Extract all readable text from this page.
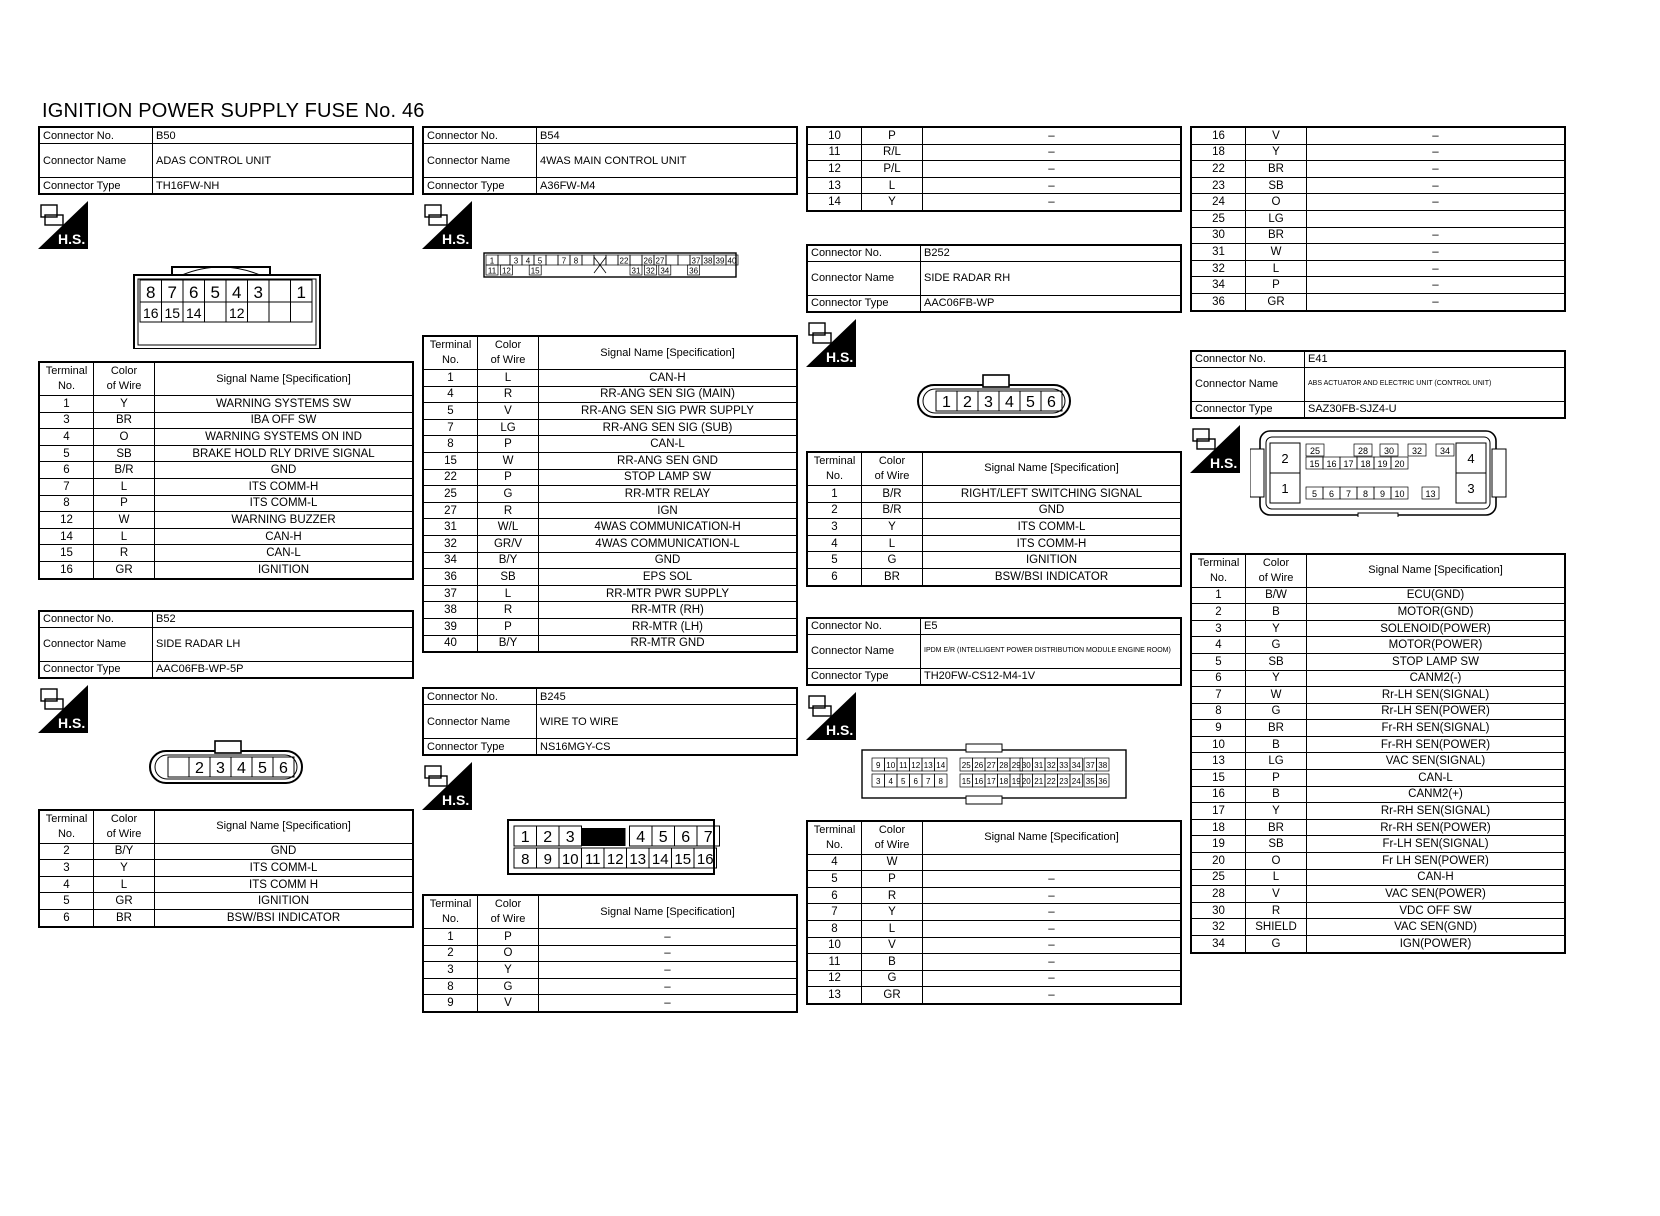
IGNITION POWER SUPPLY FUSE No. 46
Connector No.	B50
Connector Name	ADAS CONTROL UNIT
Connector Type	TH16FW-NH
H.S.
8 7 6 5 4 3 1
16 15 14 12
Terminal
No.	Color
of Wire	Signal Name [Specification]
1	Y	WARNING SYSTEMS SW
3	BR	IBA OFF SW
4	O	WARNING SYSTEMS ON IND
5	SB	BRAKE HOLD RLY DRIVE SIGNAL
6	B/R	GND
7	L	ITS COMM-H
8	P	ITS COMM-L
12	W	WARNING BUZZER
14	L	CAN-H
15	R	CAN-L
16	GR	IGNITION
Connector No.	B52
Connector Name	SIDE RADAR LH
Connector Type	AAC06FB-WP-5P
H.S.
2 3 4 5 6
Terminal
No.	Color
of Wire	Signal Name [Specification]
2	B/Y	GND
3	Y	ITS COMM-L
4	L	ITS COMM H
5	GR	IGNITION
6	BR	BSW/BSI INDICATOR
Connector No.	B54
Connector Name	4WAS MAIN CONTROL UNIT
Connector Type	A36FW-M4
H.S.
1 3 4 5 7 8	22 26 27	37 38 39 40
11 12 15	31 32 34 36
Terminal
No.	Color
of Wire	Signal Name [Specification]
1	L	CAN-H
4	R	RR-ANG SEN SIG (MAIN)
5	V	RR-ANG SEN SIG PWR SUPPLY
7	LG	RR-ANG SEN SIG (SUB)
8	P	CAN-L
15	W	RR-ANG SEN GND
22	P	STOP LAMP SW
25	G	RR-MTR RELAY
27	R	IGN
31	W/L	4WAS COMMUNICATION-H
32	GR/V	4WAS COMMUNICATION-L
34	B/Y	GND
36	SB	EPS SOL
37	L	RR-MTR PWR SUPPLY
38	R	RR-MTR (RH)
39	P	RR-MTR (LH)
40	B/Y	RR-MTR GND
Connector No.	B245
Connector Name	WIRE TO WIRE
Connector Type	NS16MGY-CS
H.S.
1 2 3	4 5 6 7
8 9 10 11 12 13 14 15 16
Terminal
No.	Color
of Wire	Signal Name [Specification]
1	P	–
2	O	–
3	Y	–
8	G	–
9	V	–
10	P	–
11	R/L	–
12	P/L	–
13	L	–
14	Y	–
Connector No.	B252
Connector Name	SIDE RADAR RH
Connector Type	AAC06FB-WP
H.S.
1 2 3 4 5 6
Terminal
No.	Color
of Wire	Signal Name [Specification]
1	B/R	RIGHT/LEFT SWITCHING SIGNAL
2	B/R	GND
3	Y	ITS COMM-L
4	L	ITS COMM-H
5	G	IGNITION
6	BR	BSW/BSI INDICATOR
Connector No.	E5
Connector Name	IPDM E/R (INTELLIGENT POWER DISTRIBUTION MODULE ENGINE ROOM)
Connector Type	TH20FW-CS12-M4-1V
H.S.
9
3
10
4
11
5
12
6
13
7
14
8
25
15
26
16
27
17
28
18
29
19
30
20
31
21
32
22
33
23
34
24
37
35
38
36
Terminal
No.	Color
of Wire	Signal Name [Specification]
4	W	
5	P	–
6	R	–
7	Y	–
8	L	–
10	V	–
11	B	–
12	G	–
13	GR	–
16	V	–
18	Y	–
22	BR	–
23	SB	–
24	O	–
25	LG	
30	BR	–
31	W	–
32	L	–
34	P	–
36	GR	–
Connector No.	E41
Connector Name	ABS ACTUATOR AND ELECTRIC UNIT (CONTROL UNIT)
Connector Type	SAZ30FB-SJZ4-U
H.S.	2
1
4
3
25	28 30 32 34
15 16 17 18 19 20
5 6 7 8 9 10 13
Terminal
No.	Color
of Wire	Signal Name [Specification]
1	B/W	ECU(GND)
2	B	MOTOR(GND)
3	Y	SOLENOID(POWER)
4	G	MOTOR(POWER)
5	SB	STOP LAMP SW
6	Y	CANM2(-)
7	W	Rr-LH SEN(SIGNAL)
8	G	Rr-LH SEN(POWER)
9	BR	Fr-RH SEN(SIGNAL)
10	B	Fr-RH SEN(POWER)
13	LG	VAC SEN(SIGNAL)
15	P	CAN-L
16	B	CANM2(+)
17	Y	Rr-RH SEN(SIGNAL)
18	BR	Rr-RH SEN(POWER)
19	SB	Fr-LH SEN(SIGNAL)
20	O	Fr LH SEN(POWER)
25	L	CAN-H
28	V	VAC SEN(POWER)
30	R	VDC OFF SW
32	SHIELD	VAC SEN(GND)
34	G	IGN(POWER)
